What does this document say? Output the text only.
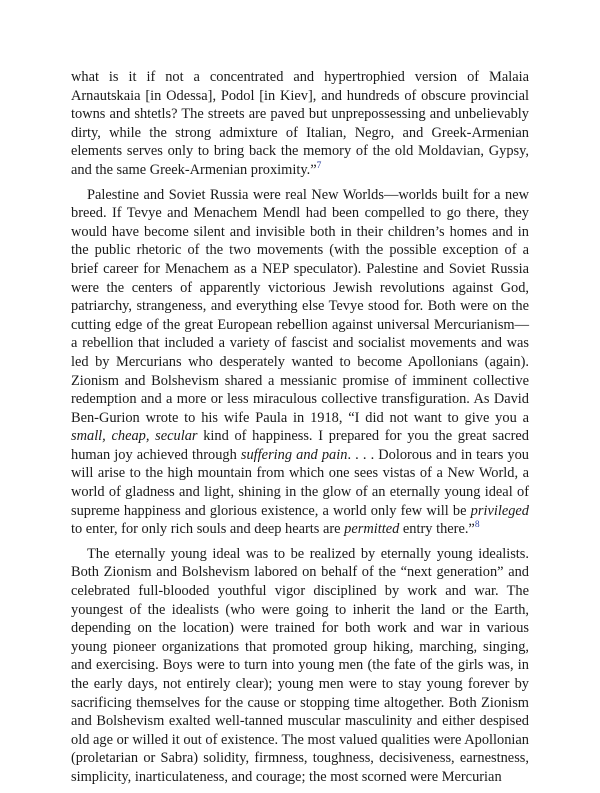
what is it if not a concentrated and hypertrophied version of Malaia Arnautskaia [in Odessa], Podol [in Kiev], and hundreds of obscure provincial towns and shtetls? The streets are paved but unprepossessing and unbelievably dirty, while the strong admixture of Italian, Negro, and Greek-Armenian elements serves only to bring back the memory of the old Moldavian, Gypsy, and the same Greek-Armenian proximity.”$^7$

Palestine and Soviet Russia were real New Worlds—worlds built for a new breed. If Tevye and Menachem Mendl had been compelled to go there, they would have become silent and invisible both in their children’s homes and in the public rhetoric of the two movements (with the possible exception of a brief career for Menachem as a NEP speculator). Palestine and Soviet Russia were the centers of apparently victorious Jewish revolutions against God, patriarchy, strangeness, and everything else Tevye stood for. Both were on the cutting edge of the great European rebellion against universal Mercurianism—a rebellion that included a variety of fascist and socialist movements and was led by Mercurians who desperately wanted to become Apollonians (again). Zionism and Bolshevism shared a messianic promise of imminent collective redemption and a more or less miraculous collective transfiguration. As David Ben-Gurion wrote to his wife Paula in 1918, “I did not want to give you a small, cheap, secular kind of happiness. I prepared for you the great sacred human joy achieved through suffering and pain. . . . Dolorous and in tears you will arise to the high mountain from which one sees vistas of a New World, a world of gladness and light, shining in the glow of an eternally young ideal of supreme happiness and glorious existence, a world only few will be privileged to enter, for only rich souls and deep hearts are permitted entry there.”$^8$

The eternally young ideal was to be realized by eternally young idealists. Both Zionism and Bolshevism labored on behalf of the “next generation” and celebrated full-blooded youthful vigor disciplined by work and war. The youngest of the idealists (who were going to inherit the land or the Earth, depending on the location) were trained for both work and war in various young pioneer organizations that promoted group hiking, marching, singing, and exercising. Boys were to turn into young men (the fate of the girls was, in the early days, not entirely clear); young men were to stay young forever by sacrificing themselves for the cause or stopping time altogether. Both Zionism and Bolshevism exalted well-tanned muscular masculinity and either despised old age or willed it out of existence. The most valued qualities were Apollonian (proletarian or Sabra) solidity, firmness, toughness, decisiveness, earnestness, simplicity, inarticulateness, and courage; the most scorned were Mercurian
